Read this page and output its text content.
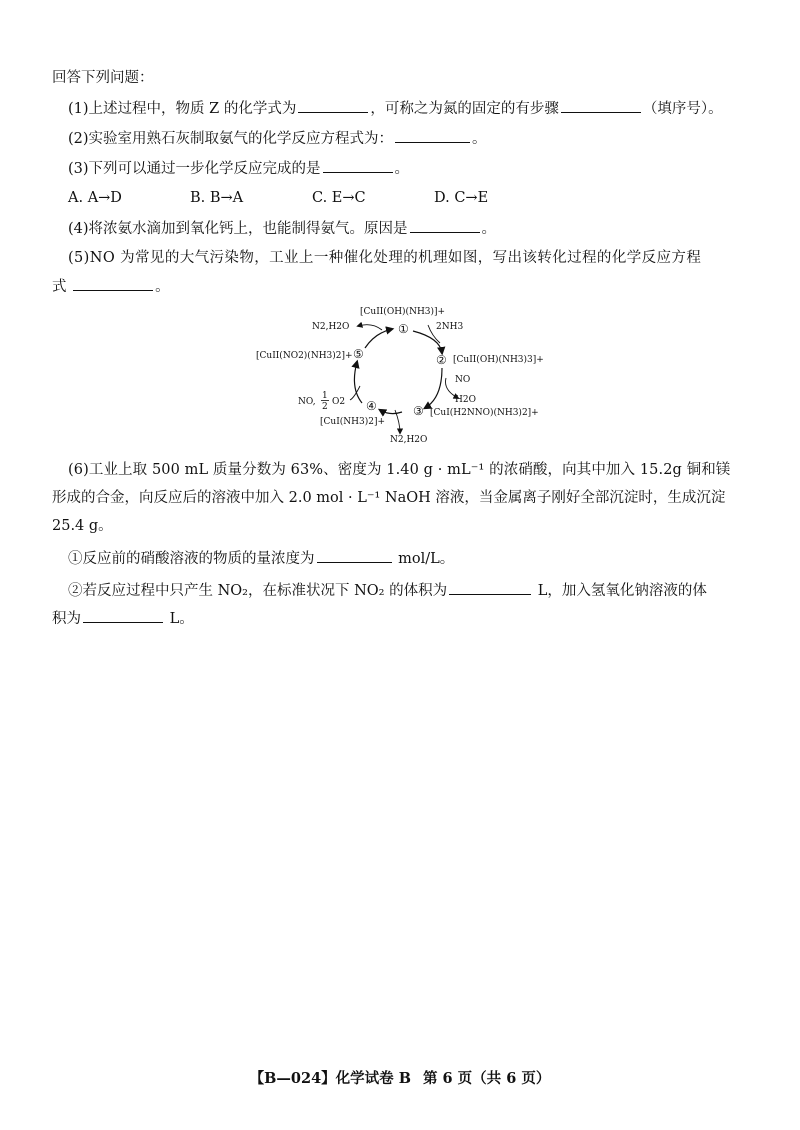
回答下列问题：
(1)上述过程中，物质 Z 的化学式为	，可称之为氮的固定的有步骤	（填序号）。
(2)实验室用熟石灰制取氨气的化学反应方程式为：	。
(3)下列可以通过一步化学反应完成的是	。
A. A→D	B. B→A	C. E→C	D. C→E
(4)将浓氨水滴加到氧化钙上，也能制得氨气。原因是	。
(5)NO 为常见的大气污染物，工业上一种催化处理的机理如图，写出该转化过程的化学反应方程
式	。
①
②
③
④
⑤
[CuII(OH)(NH3)]+
[CuII(OH)(NH3)3]+
[CuI(H2NNO)(NH3)2]+
[CuI(NH3)2]+
[CuII(NO2)(NH3)2]+
2NH3
NO
H2O
N2,H2O
NO,
1
2 O2
N2,H2O
(6)工业上取 500 mL 质量分数为 63%、密度为 1.40 g · mL⁻¹ 的浓硝酸，向其中加入 15.2g 铜和镁
形成的合金，向反应后的溶液中加入 2.0 mol · L⁻¹ NaOH 溶液，当金属离子刚好全部沉淀时，生成沉淀
25.4 g。
①反应前的硝酸溶液的物质的量浓度为	mol/L。
②若反应过程中只产生 NO₂，在标准状况下 NO₂ 的体积为	L，加入氢氧化钠溶液的体
积为	L。
【B—024】化学试卷 B 第 6 页（共 6 页）
